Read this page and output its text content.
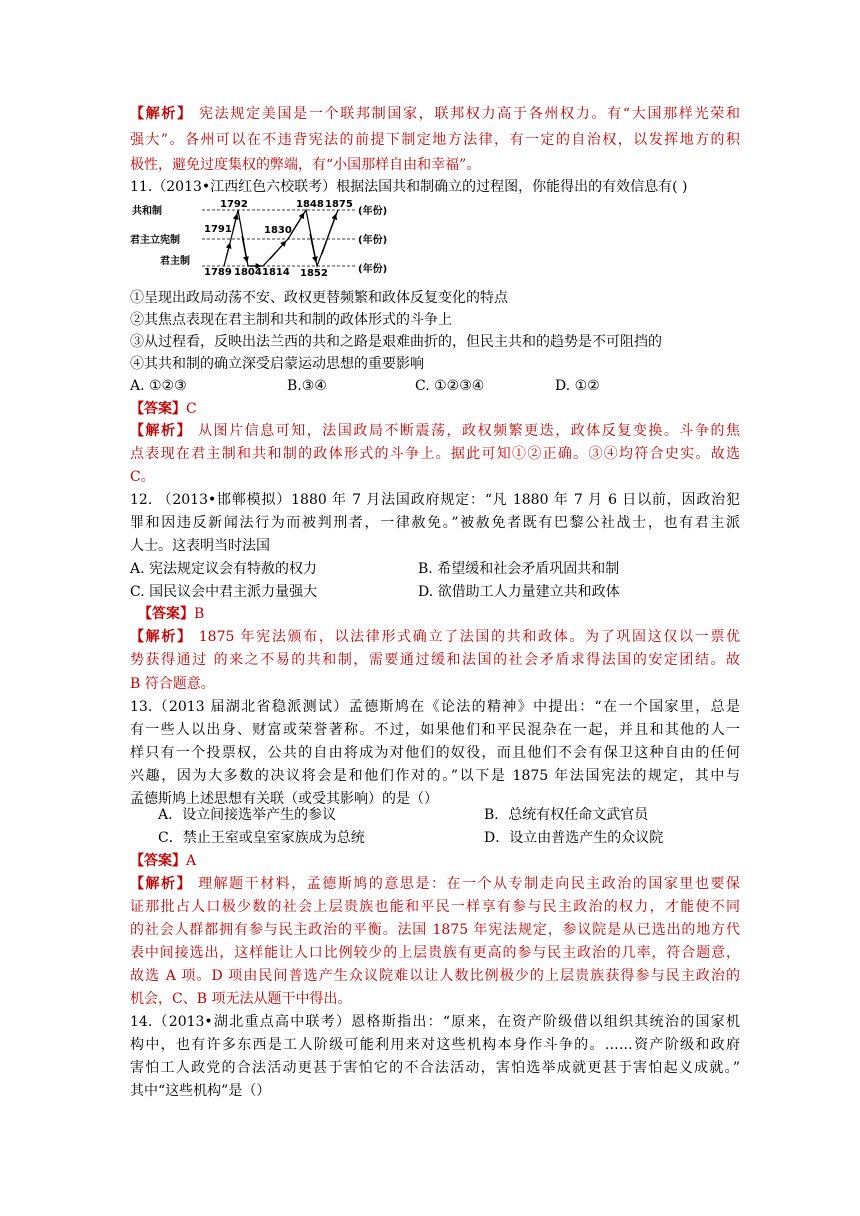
【解析】 宪法规定美国是一个联邦制国家，联邦权力高于各州权力。有“大国那样光荣和
强大”。各州可以在不违背宪法的前提下制定地方法律，有一定的自治权，以发挥地方的积
极性，避免过度集权的弊端，有“小国那样自由和幸福”。
11.（2013•江西红色六校联考）根据法国共和制确立的过程图，你能得出的有效信息有( )
共和制
君主立宪制
君主制
(年份)
(年份)
(年份)
1792	1848 1875
1791	1830
1789 1804 1814 1852
①呈现出政局动荡不安、政权更替频繁和政体反复变化的特点
②其焦点表现在君主制和共和制的政体形式的斗争上
③从过程看，反映出法兰西的共和之路是艰难曲折的，但民主共和的趋势是不可阻挡的
④其共和制的确立深受启蒙运动思想的重要影响
A. ①②③	B.③④	C. ①②③④	D. ①②
【答案】C
【解析】 从图片信息可知，法国政局不断震荡，政权频繁更迭，政体反复变换。斗争的焦
点表现在君主制和共和制的政体形式的斗争上。据此可知①②正确。③④均符合史实。故选
C。
12. （2013•邯郸模拟）1880 年 7 月法国政府规定：“凡 1880 年 7 月 6 日以前，因政治犯
罪和因违反新闻法行为而被判刑者，一律赦免。”被赦免者既有巴黎公社战士，也有君主派
人士。这表明当时法国
A. 宪法规定议会有特赦的权力	B. 希望缓和社会矛盾巩固共和制
C. 国民议会中君主派力量强大	D. 欲借助工人力量建立共和政体
【答案】B
【解析】 1875 年宪法颁布，以法律形式确立了法国的共和政体。为了巩固这仅以一票优
势获得通过 的来之不易的共和制，需要通过缓和法国的社会矛盾求得法国的安定团结。故
B 符合题意。
13.（2013 届湖北省稳派测试）孟德斯鸠在《论法的精神》中提出：“在一个国家里，总是
有一些人以出身、财富或荣誉著称。不过，如果他们和平民混杂在一起，并且和其他的人一
样只有一个投票权，公共的自由将成为对他们的奴役，而且他们不会有保卫这种自由的任何
兴趣，因为大多数的决议将会是和他们作对的。”以下是 1875 年法国宪法的规定，其中与
孟德斯鸠上述思想有关联（或受其影响）的是（）
A．设立间接选举产生的参议	B．总统有权任命文武官员
C．禁止王室或皇室家族成为总统	D．设立由普选产生的众议院
【答案】A
【解析】 理解题干材料，孟德斯鸠的意思是：在一个从专制走向民主政治的国家里也要保
证那批占人口极少数的社会上层贵族也能和平民一样享有参与民主政治的权力，才能使不同
的社会人群都拥有参与民主政治的平衡。法国 1875 年宪法规定，参议院是从已选出的地方代
表中间接选出，这样能让人口比例较少的上层贵族有更高的参与民主政治的几率，符合题意，
故选 A 项。D 项由民间普选产生众议院难以让人数比例极少的上层贵族获得参与民主政治的
机会，C、B 项无法从题干中得出。
14.（2013•湖北重点高中联考）恩格斯指出：“原来，在资产阶级借以组织其统治的国家机
构中，也有许多东西是工人阶级可能利用来对这些机构本身作斗争的。……资产阶级和政府
害怕工人政党的合法活动更甚于害怕它的不合法活动，害怕选举成就更甚于害怕起义成就。”
其中“这些机构”是（）
